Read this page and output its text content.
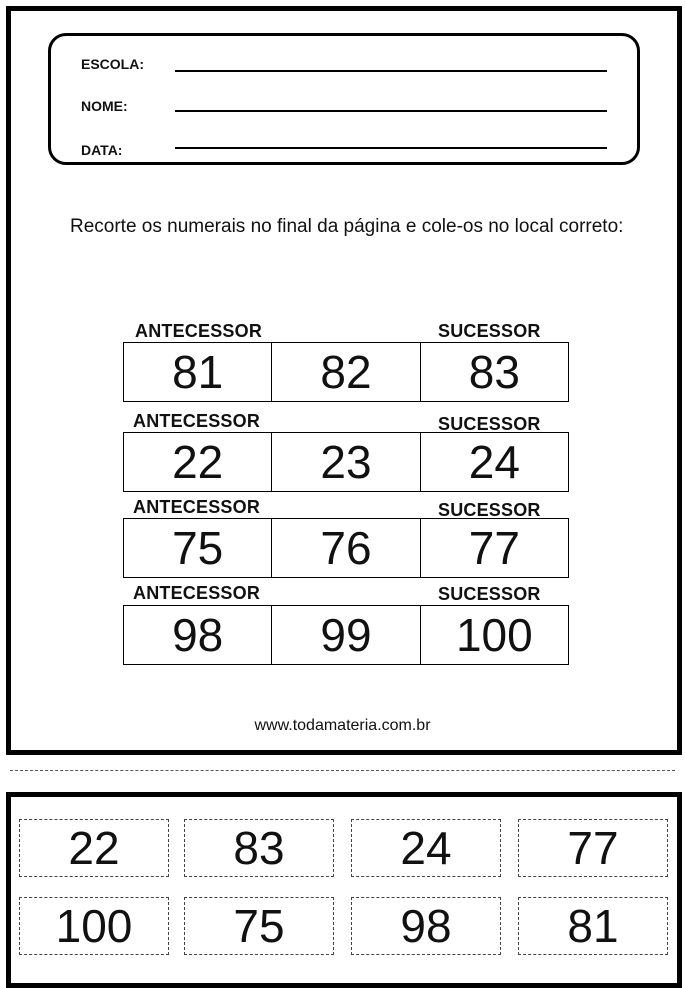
ESCOLA:
NOME:
DATA:
Recorte os numerais no final da página e cole-os no local correto:
ANTECESSOR	SUCESSOR
81	82	83
ANTECESSOR	SUCESSOR
22	23	24
ANTECESSOR	SUCESSOR
75	76	77
ANTECESSOR	SUCESSOR
98	99	100
www.todamateria.com.br
22	83	24	77
100	75	98	81
